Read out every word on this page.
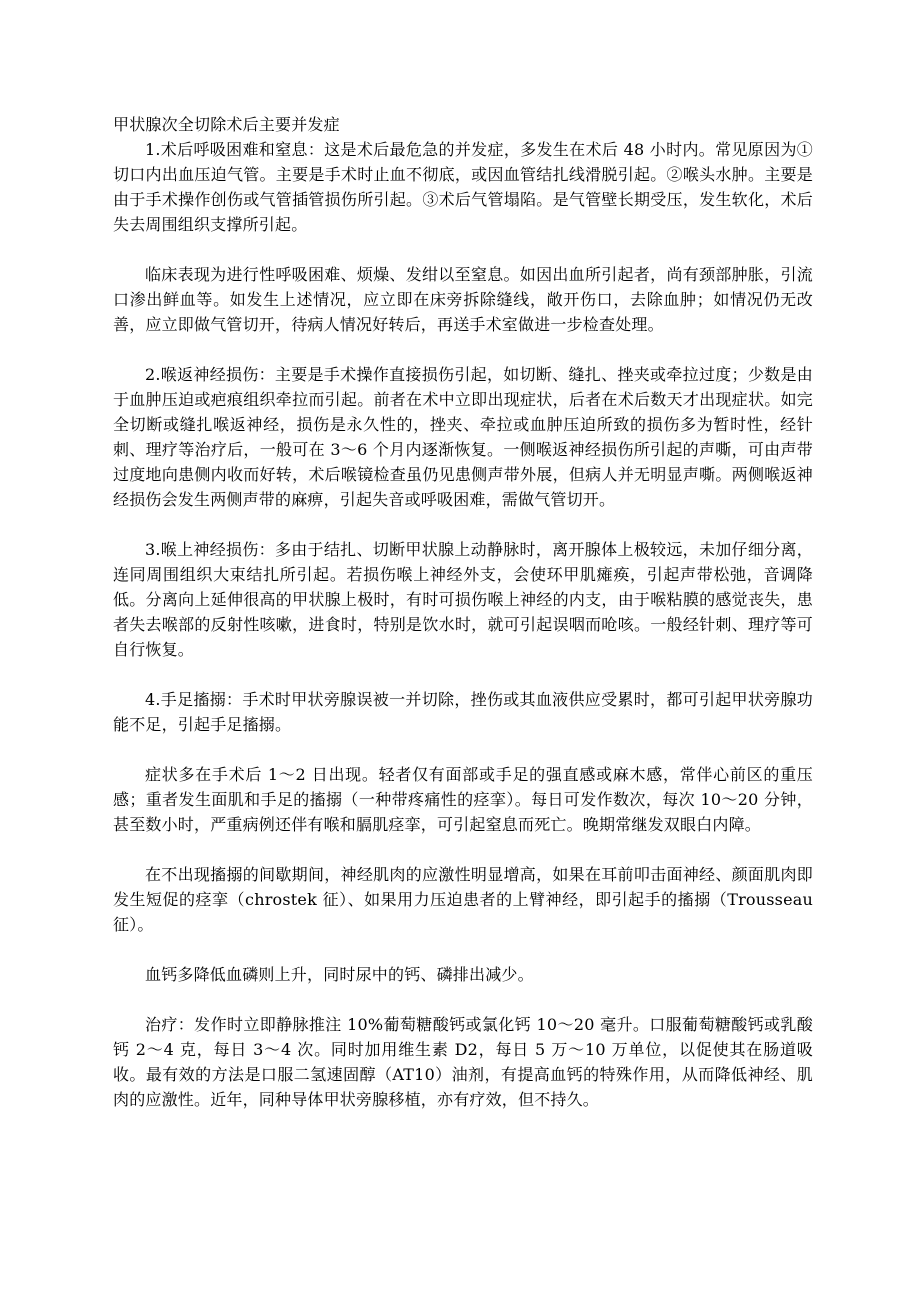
甲状腺次全切除术后主要并发症

1.术后呼吸困难和窒息：这是术后最危急的并发症，多发生在术后 48 小时内。常见原因为①切口内出血压迫气管。主要是手术时止血不彻底，或因血管结扎线滑脱引起。②喉头水肿。主要是由于手术操作创伤或气管插管损伤所引起。③术后气管塌陷。是气管壁长期受压，发生软化，术后失去周围组织支撑所引起。

临床表现为进行性呼吸困难、烦燥、发绀以至窒息。如因出血所引起者，尚有颈部肿胀，引流口渗出鲜血等。如发生上述情况，应立即在床旁拆除缝线，敞开伤口，去除血肿；如情况仍无改善，应立即做气管切开，待病人情况好转后，再送手术室做进一步检查处理。

2.喉返神经损伤：主要是手术操作直接损伤引起，如切断、缝扎、挫夹或牵拉过度；少数是由于血肿压迫或疤痕组织牵拉而引起。前者在术中立即出现症状，后者在术后数天才出现症状。如完全切断或缝扎喉返神经，损伤是永久性的，挫夹、牵拉或血肿压迫所致的损伤多为暂时性，经针刺、理疗等治疗后，一般可在 3～6 个月内逐渐恢复。一侧喉返神经损伤所引起的声嘶，可由声带过度地向患侧内收而好转，术后喉镜检查虽仍见患侧声带外展，但病人并无明显声嘶。两侧喉返神经损伤会发生两侧声带的麻痹，引起失音或呼吸困难，需做气管切开。

3.喉上神经损伤：多由于结扎、切断甲状腺上动静脉时，离开腺体上极较远，未加仔细分离，连同周围组织大束结扎所引起。若损伤喉上神经外支，会使环甲肌瘫痪，引起声带松弛，音调降低。分离向上延伸很高的甲状腺上极时，有时可损伤喉上神经的内支，由于喉粘膜的感觉丧失，患者失去喉部的反射性咳嗽，进食时，特别是饮水时，就可引起误咽而呛咳。一般经针刺、理疗等可自行恢复。

4.手足搐搦：手术时甲状旁腺误被一并切除，挫伤或其血液供应受累时，都可引起甲状旁腺功能不足，引起手足搐搦。

症状多在手术后 1～2 日出现。轻者仅有面部或手足的强直感或麻木感，常伴心前区的重压感；重者发生面肌和手足的搐搦（一种带疼痛性的痉挛）。每日可发作数次，每次 10～20 分钟，甚至数小时，严重病例还伴有喉和膈肌痉挛，可引起窒息而死亡。晚期常继发双眼白内障。

在不出现搐搦的间歇期间，神经肌肉的应激性明显增高，如果在耳前叩击面神经、颜面肌肉即发生短促的痉挛（chrostek 征）、如果用力压迫患者的上臂神经，即引起手的搐搦（Trousseau 征）。

血钙多降低血磷则上升，同时尿中的钙、磷排出减少。

治疗：发作时立即静脉推注 10%葡萄糖酸钙或氯化钙 10～20 毫升。口服葡萄糖酸钙或乳酸钙 2～4 克，每日 3～4 次。同时加用维生素 D2，每日 5 万～10 万单位，以促使其在肠道吸收。最有效的方法是口服二氢速固醇（AT10）油剂，有提高血钙的特殊作用，从而降低神经、肌肉的应激性。近年，同种导体甲状旁腺移植，亦有疗效，但不持久。
